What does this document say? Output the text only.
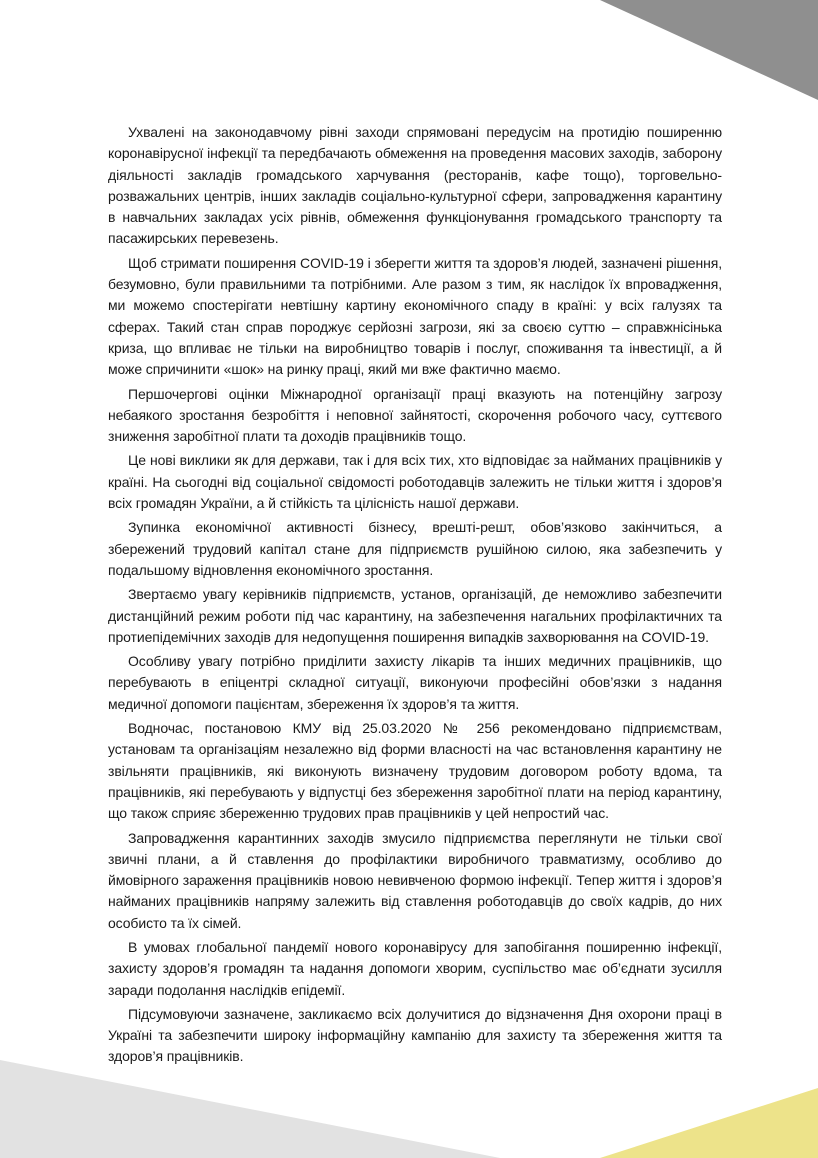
Ухвалені на законодавчому рівні заходи спрямовані передусім на протидію поширенню коронавірусної інфекції та передбачають обмеження на проведення масових заходів, заборону діяльності закладів громадського харчування (ресторанів, кафе тощо), торговельно-розважальних центрів, інших закладів соціально-культурної сфери, запровадження карантину в навчальних закладах усіх рівнів, обмеження функціонування громадського транспорту та пасажирських перевезень.

Щоб стримати поширення COVID-19 і зберегти життя та здоров’я людей, зазначені рішення, безумовно, були правильними та потрібними. Але разом з тим, як наслідок їх впровадження, ми можемо спостерігати невтішну картину економічного спаду в країні: у всіх галузях та сферах. Такий стан справ породжує серйозні загрози, які за своєю суттю – справжнісінька криза, що впливає не тільки на виробництво товарів і послуг, споживання та інвестиції, а й може спричинити «шок» на ринку праці, який ми вже фактично маємо.

Першочергові оцінки Міжнародної організації праці вказують на потенційну загрозу небаякого зростання безробіття і неповної зайнятості, скорочення робочого часу, суттєвого зниження заробітної плати та доходів працівників тощо.

Це нові виклики як для держави, так і для всіх тих, хто відповідає за найманих працівників у країні. На сьогодні від соціальної свідомості роботодавців залежить не тільки життя і здоров’я всіх громадян України, а й стійкість та цілісність нашої держави.

Зупинка економічної активності бізнесу, врешті-решт, обов’язково закінчиться, а збережений трудовий капітал стане для підприємств рушійною силою, яка забезпечить у подальшому відновлення економічного зростання.

Звертаємо увагу керівників підприємств, установ, організацій, де неможливо забезпечити дистанційний режим роботи під час карантину, на забезпечення нагальних профілактичних та протиепідемічних заходів для недопущення поширення випадків захворювання на COVID-19.

Особливу увагу потрібно приділити захисту лікарів та інших медичних працівників, що перебувають в епіцентрі складної ситуації, виконуючи професійні обов’язки з надання медичної допомоги пацієнтам, збереження їх здоров’я та життя.

Водночас, постановою КМУ від 25.03.2020 № 256 рекомендовано підприємствам, установам та організаціям незалежно від форми власності на час встановлення карантину не звільняти працівників, які виконують визначену трудовим договором роботу вдома, та працівників, які перебувають у відпустці без збереження заробітної плати на період карантину, що також сприяє збереженню трудових прав працівників у цей непростий час.

Запровадження карантинних заходів змусило підприємства переглянути не тільки свої звичні плани, а й ставлення до профілактики виробничого травматизму, особливо до ймовірного зараження працівників новою невивченою формою інфекції. Тепер життя і здоров’я найманих працівників напряму залежить від ставлення роботодавців до своїх кадрів, до них особисто та їх сімей.

В умовах глобальної пандемії нового коронавірусу для запобігання поширенню інфекції, захисту здоров’я громадян та надання допомоги хворим, суспільство має об’єднати зусилля заради подолання наслідків епідемії.

Підсумовуючи зазначене, закликаємо всіх долучитися до відзначення Дня охорони праці в Україні та забезпечити широку інформаційну кампанію для захисту та збереження життя та здоров’я працівників.
